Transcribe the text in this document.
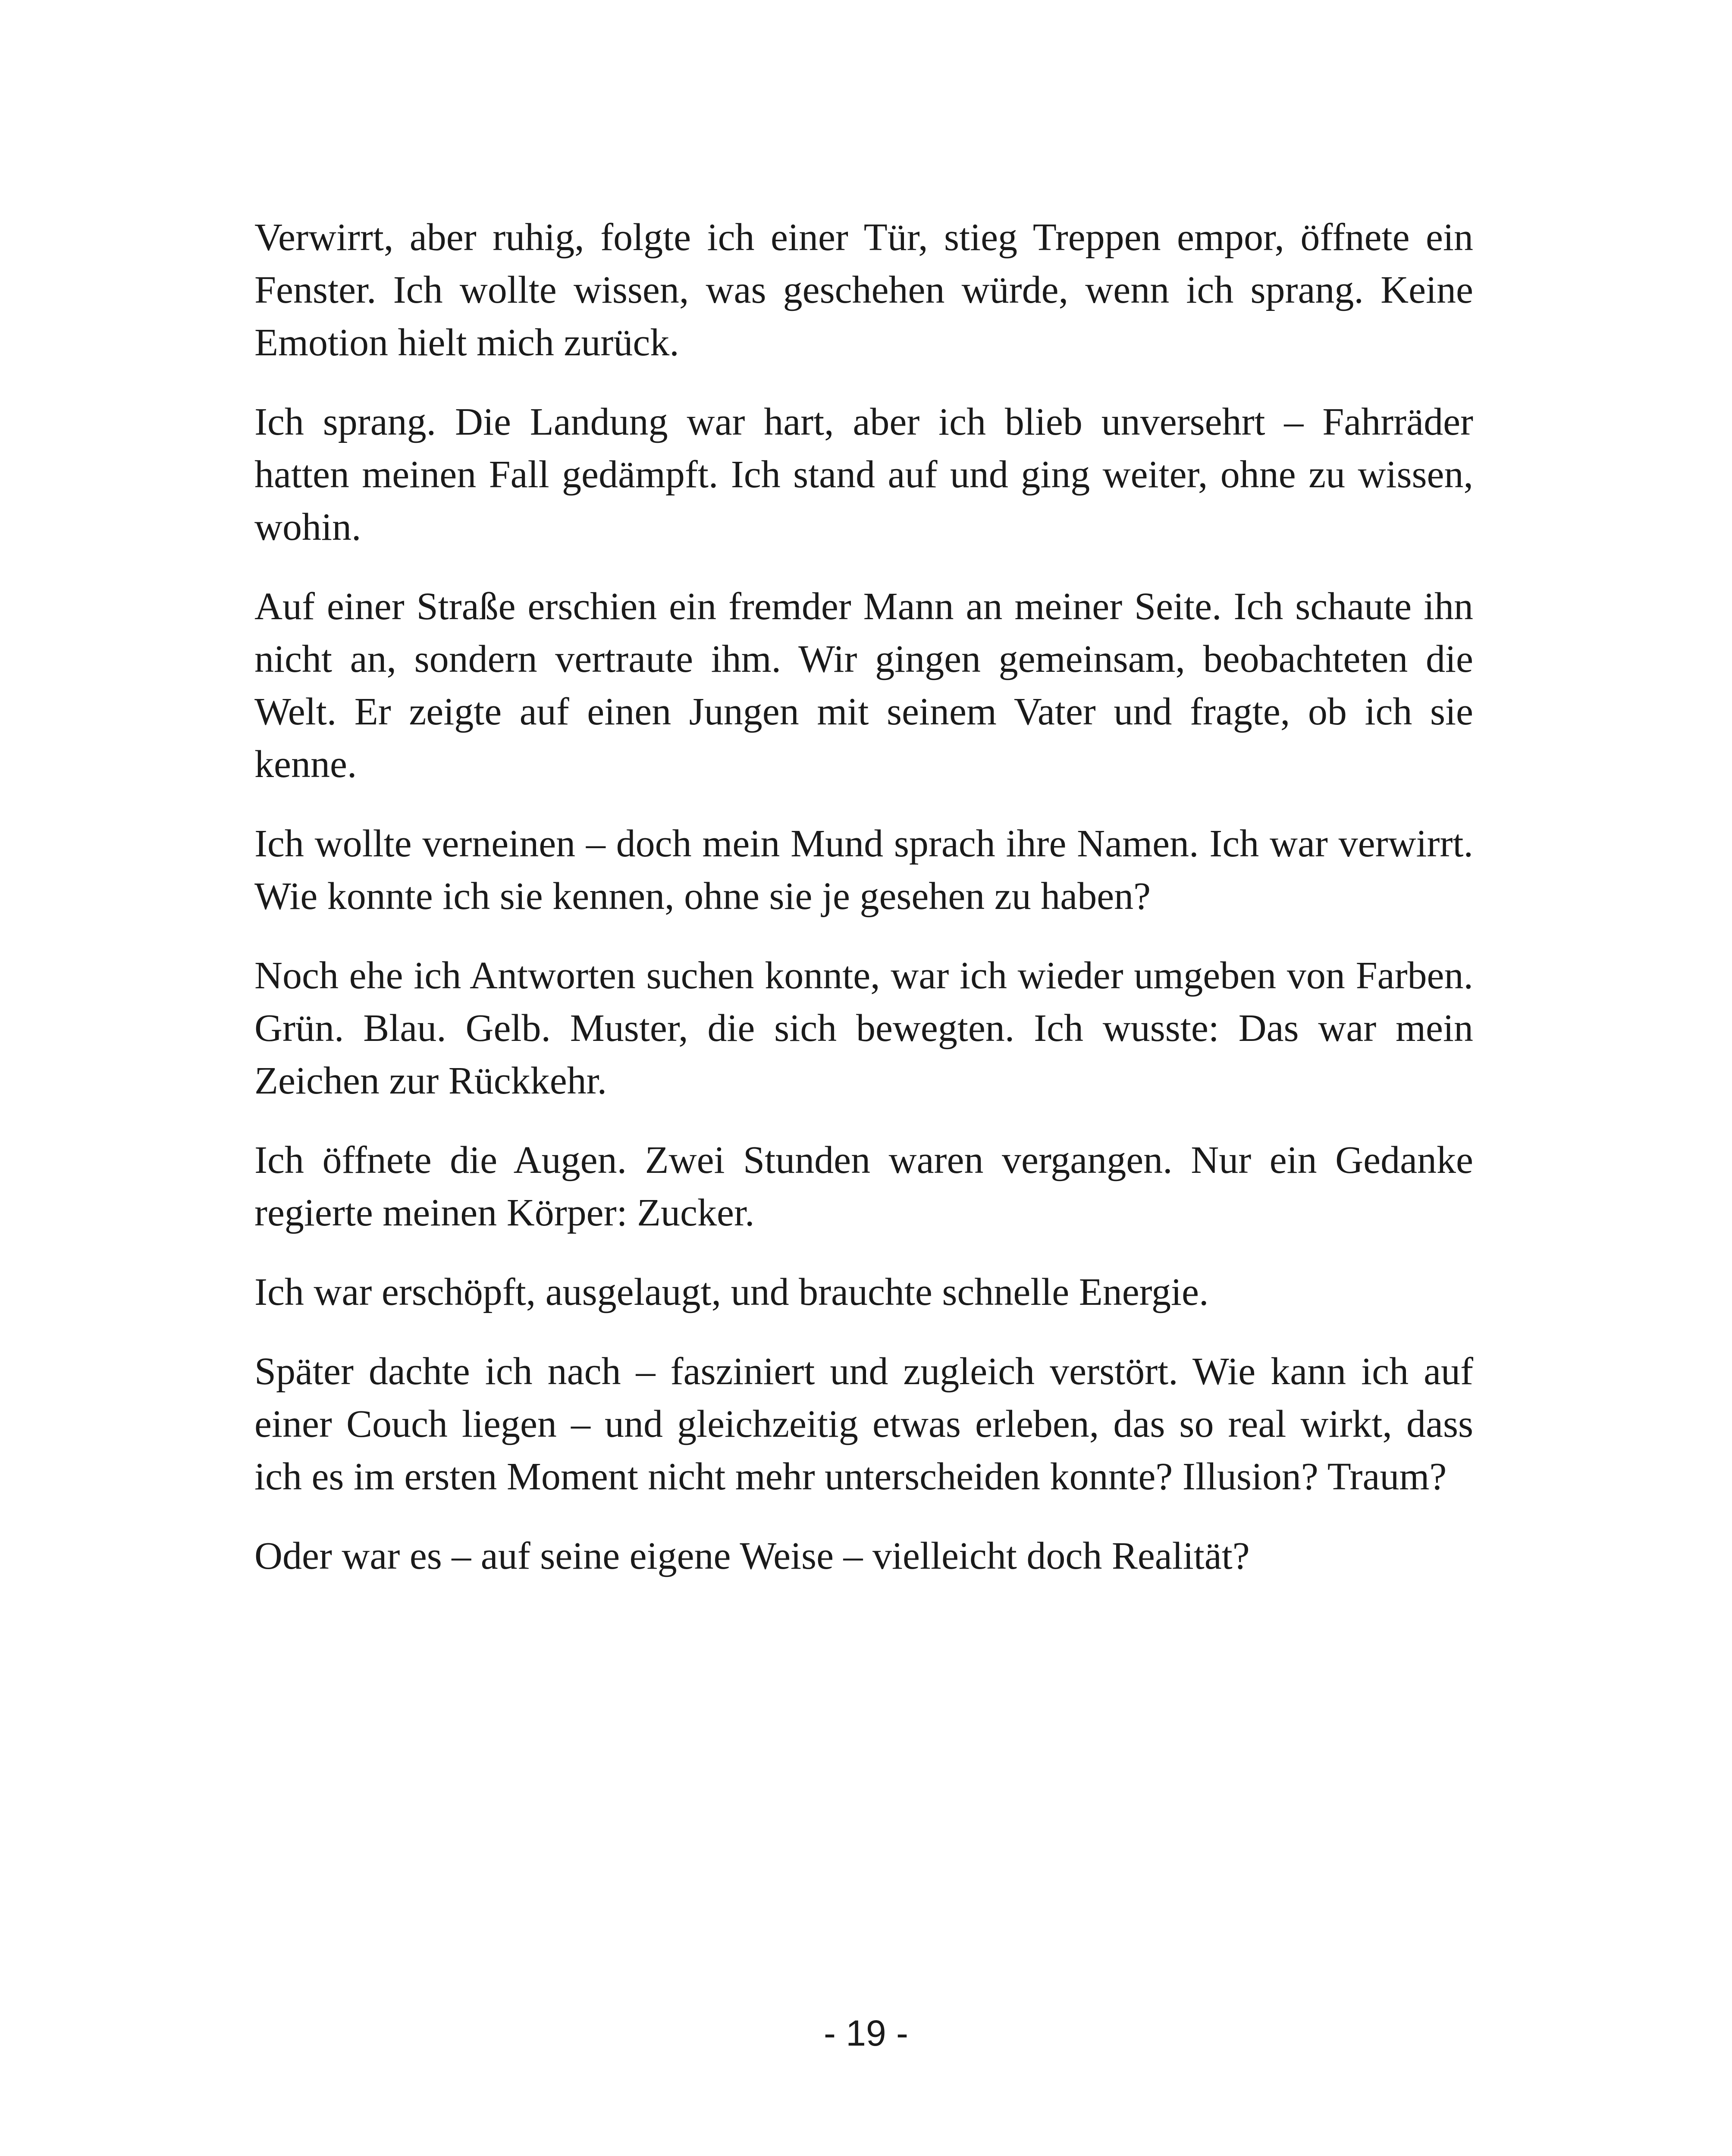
Verwirrt, aber ruhig, folgte ich einer Tür, stieg Treppen empor, öffnete ein Fenster. Ich wollte wissen, was geschehen würde, wenn ich sprang. Keine Emotion hielt mich zurück.

Ich sprang. Die Landung war hart, aber ich blieb unversehrt – Fahrräder hatten meinen Fall gedämpft. Ich stand auf und ging weiter, ohne zu wissen, wohin.

Auf einer Straße erschien ein fremder Mann an meiner Seite. Ich schaute ihn nicht an, sondern vertraute ihm. Wir gingen gemeinsam, beobachteten die Welt. Er zeigte auf einen Jungen mit seinem Vater und fragte, ob ich sie kenne.

Ich wollte verneinen – doch mein Mund sprach ihre Namen. Ich war verwirrt. Wie konnte ich sie kennen, ohne sie je gesehen zu haben?

Noch ehe ich Antworten suchen konnte, war ich wieder umgeben von Farben. Grün. Blau. Gelb. Muster, die sich bewegten. Ich wusste: Das war mein Zeichen zur Rückkehr.

Ich öffnete die Augen. Zwei Stunden waren vergangen. Nur ein Gedanke regierte meinen Körper: Zucker.

Ich war erschöpft, ausgelaugt, und brauchte schnelle Energie.

Später dachte ich nach – fasziniert und zugleich verstört. Wie kann ich auf einer Couch liegen – und gleichzeitig etwas erleben, das so real wirkt, dass ich es im ersten Moment nicht mehr unterscheiden konnte? Illusion? Traum?

Oder war es – auf seine eigene Weise – vielleicht doch Realität?

- 19 -
